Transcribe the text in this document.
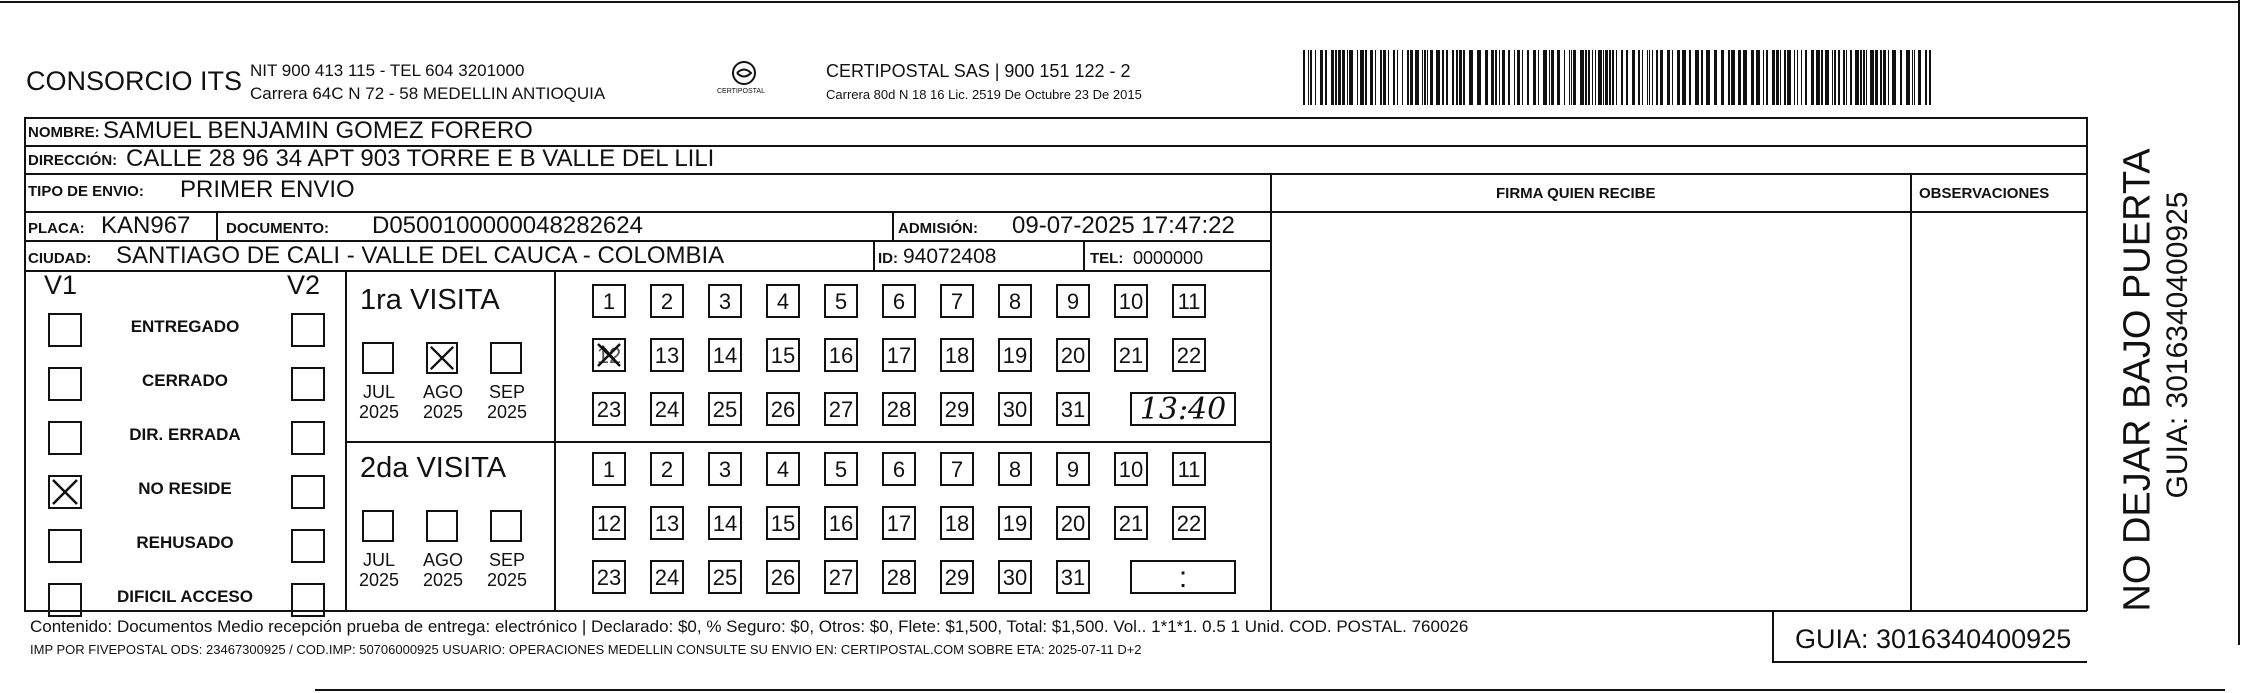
CONSORCIO ITS NIT 900 413 115 - TEL 604 3201000
Carrera 64C N 72 - 58 MEDELLIN ANTIOQUIA	CERTIPOSTAL
CERTIPOSTAL SAS | 900 151 122 - 2
Carrera 80d N 18 16 Lic. 2519 De Octubre 23 De 2015
NOMBRE: SAMUEL BENJAMIN GOMEZ FORERO
DIRECCIÓN: CALLE 28 96 34 APT 903 TORRE E B VALLE DEL LILI
TIPO DE ENVIO: PRIMER ENVIO	FIRMA QUIEN RECIBE	OBSERVACIONES
PLACA: KAN967 DOCUMENTO: D0500100000048282624	ADMISIÓN: 09-07-2025 17:47:22
CIUDAD: SANTIAGO DE CALI - VALLE DEL CAUCA - COLOMBIA	ID: 94072408	TEL: 0000000
V1	V2
ENTREGADO
CERRADO
DIR. ERRADA
NO RESIDE
REHUSADO
DIFICIL ACCESO
1ra VISITA
2da VISITA
JUL
2025
AGO
2025
SEP
2025
JUL
2025
AGO
2025
SEP
2025
1	2	3	4	5	6	7	8	9	10 11
12 13 14 15 16 17 18 19 20 21 22
23 24 25 26 27 28 29 30 31	13:40
1	2	3	4	5	6	7	8	9	10 11
12 13 14 15 16 17 18 19 20 21 22
23 24 25 26 27 28 29 30 31	:
Contenido: Documentos Medio recepción prueba de entrega: electrónico | Declarado: $0, % Seguro: $0, Otros: $0, Flete: $1,500, Total: $1,500. Vol.. 1*1*1. 0.5 1 Unid. COD. POSTAL. 760026
IMP POR FIVEPOSTAL ODS: 23467300925 / COD.IMP: 50706000925 USUARIO: OPERACIONES MEDELLIN CONSULTE SU ENVIO EN: CERTIPOSTAL.COM SOBRE ETA: 2025-07-11 D+2	GUIA: 3016340400925
NO DEJAR BAJO PUERTA GUIA: 3016340400925
